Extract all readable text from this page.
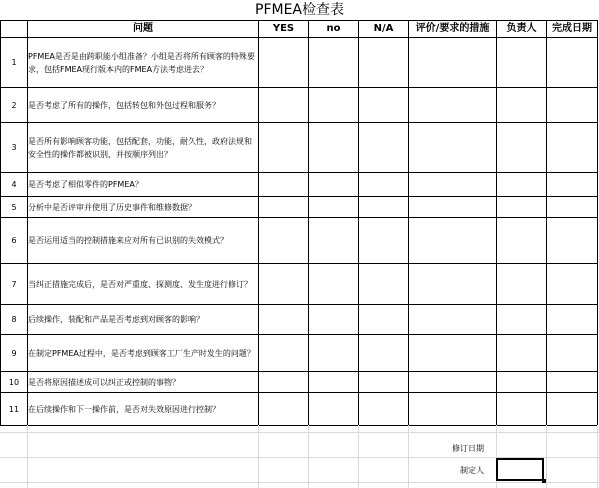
PFMEA检查表
	问题	YES	no	N/A	评价/要求的措施	负责人	完成日期
1	PFMEA是否是由跨职能小组准备？小组是否将所有顾客的特殊要求，包括FMEA现行版本内的FMEA方法考虑进去？						
2	是否考虑了所有的操作，包括转包和外包过程和服务？						
3	是否所有影响顾客功能，包括配套，功能，耐久性，政府法规和安全性的操作都被识别，并按顺序列出？						
4	是否考虑了相似零件的PFMEA？						
5	分析中是否评审并使用了历史事件和维修数据？						
6	是否运用适当的控制措施来应对所有已识别的失效模式？						
7	当纠正措施完成后，是否对严重度、探测度、发生度进行修订？						
8	后续操作，装配和产品是否考虑到对顾客的影响？						
9	在制定PFMEA过程中，是否考虑到顾客工厂生产时发生的问题？						
10	是否将原因描述成可以纠正或控制的事物？						
11	在后续操作和下一操作前，是否对失效原因进行控制？						
修订日期
制定人
